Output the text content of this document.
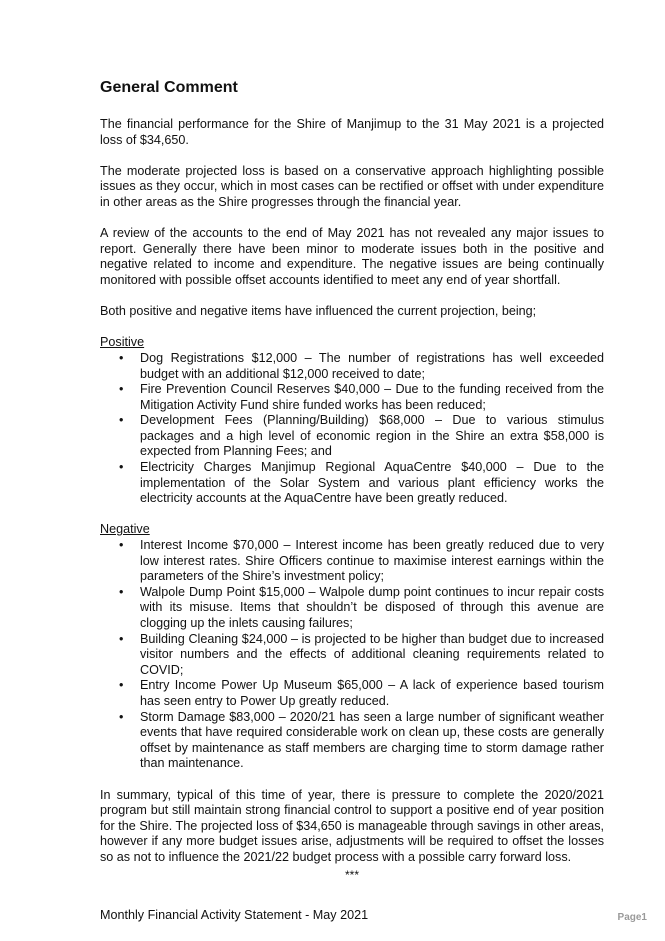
General Comment

The financial performance for the Shire of Manjimup to the 31 May 2021 is a projected loss of $34,650.

The moderate projected loss is based on a conservative approach highlighting possible issues as they occur, which in most cases can be rectified or offset with under expenditure in other areas as the Shire progresses through the financial year.

A review of the accounts to the end of May 2021 has not revealed any major issues to report. Generally there have been minor to moderate issues both in the positive and negative related to income and expenditure. The negative issues are being continually monitored with possible offset accounts identified to meet any end of year shortfall.

Both positive and negative items have influenced the current projection, being;

Positive
• Dog Registrations $12,000 – The number of registrations has well exceeded budget with an additional $12,000 received to date;
• Fire Prevention Council Reserves $40,000 – Due to the funding received from the Mitigation Activity Fund shire funded works has been reduced;
• Development Fees (Planning/Building) $68,000 – Due to various stimulus packages and a high level of economic region in the Shire an extra $58,000 is expected from Planning Fees; and
• Electricity Charges Manjimup Regional AquaCentre $40,000 – Due to the implementation of the Solar System and various plant efficiency works the electricity accounts at the AquaCentre have been greatly reduced.
Negative
• Interest Income $70,000 – Interest income has been greatly reduced due to very low interest rates. Shire Officers continue to maximise interest earnings within the parameters of the Shire’s investment policy;
• Walpole Dump Point $15,000 – Walpole dump point continues to incur repair costs with its misuse. Items that shouldn’t be disposed of through this avenue are clogging up the inlets causing failures;
• Building Cleaning $24,000 – is projected to be higher than budget due to increased visitor numbers and the effects of additional cleaning requirements related to COVID;
• Entry Income Power Up Museum $65,000 – A lack of experience based tourism has seen entry to Power Up greatly reduced.
• Storm Damage $83,000 – 2020/21 has seen a large number of significant weather events that have required considerable work on clean up, these costs are generally offset by maintenance as staff members are charging time to storm damage rather than maintenance.

In summary, typical of this time of year, there is pressure to complete the 2020/2021 program but still maintain strong financial control to support a positive end of year position for the Shire. The projected loss of $34,650 is manageable through savings in other areas, however if any more budget issues arise, adjustments will be required to offset the losses so as not to influence the 2021/22 budget process with a possible carry forward loss.

***
Monthly Financial Activity Statement - May 2021	Page1
